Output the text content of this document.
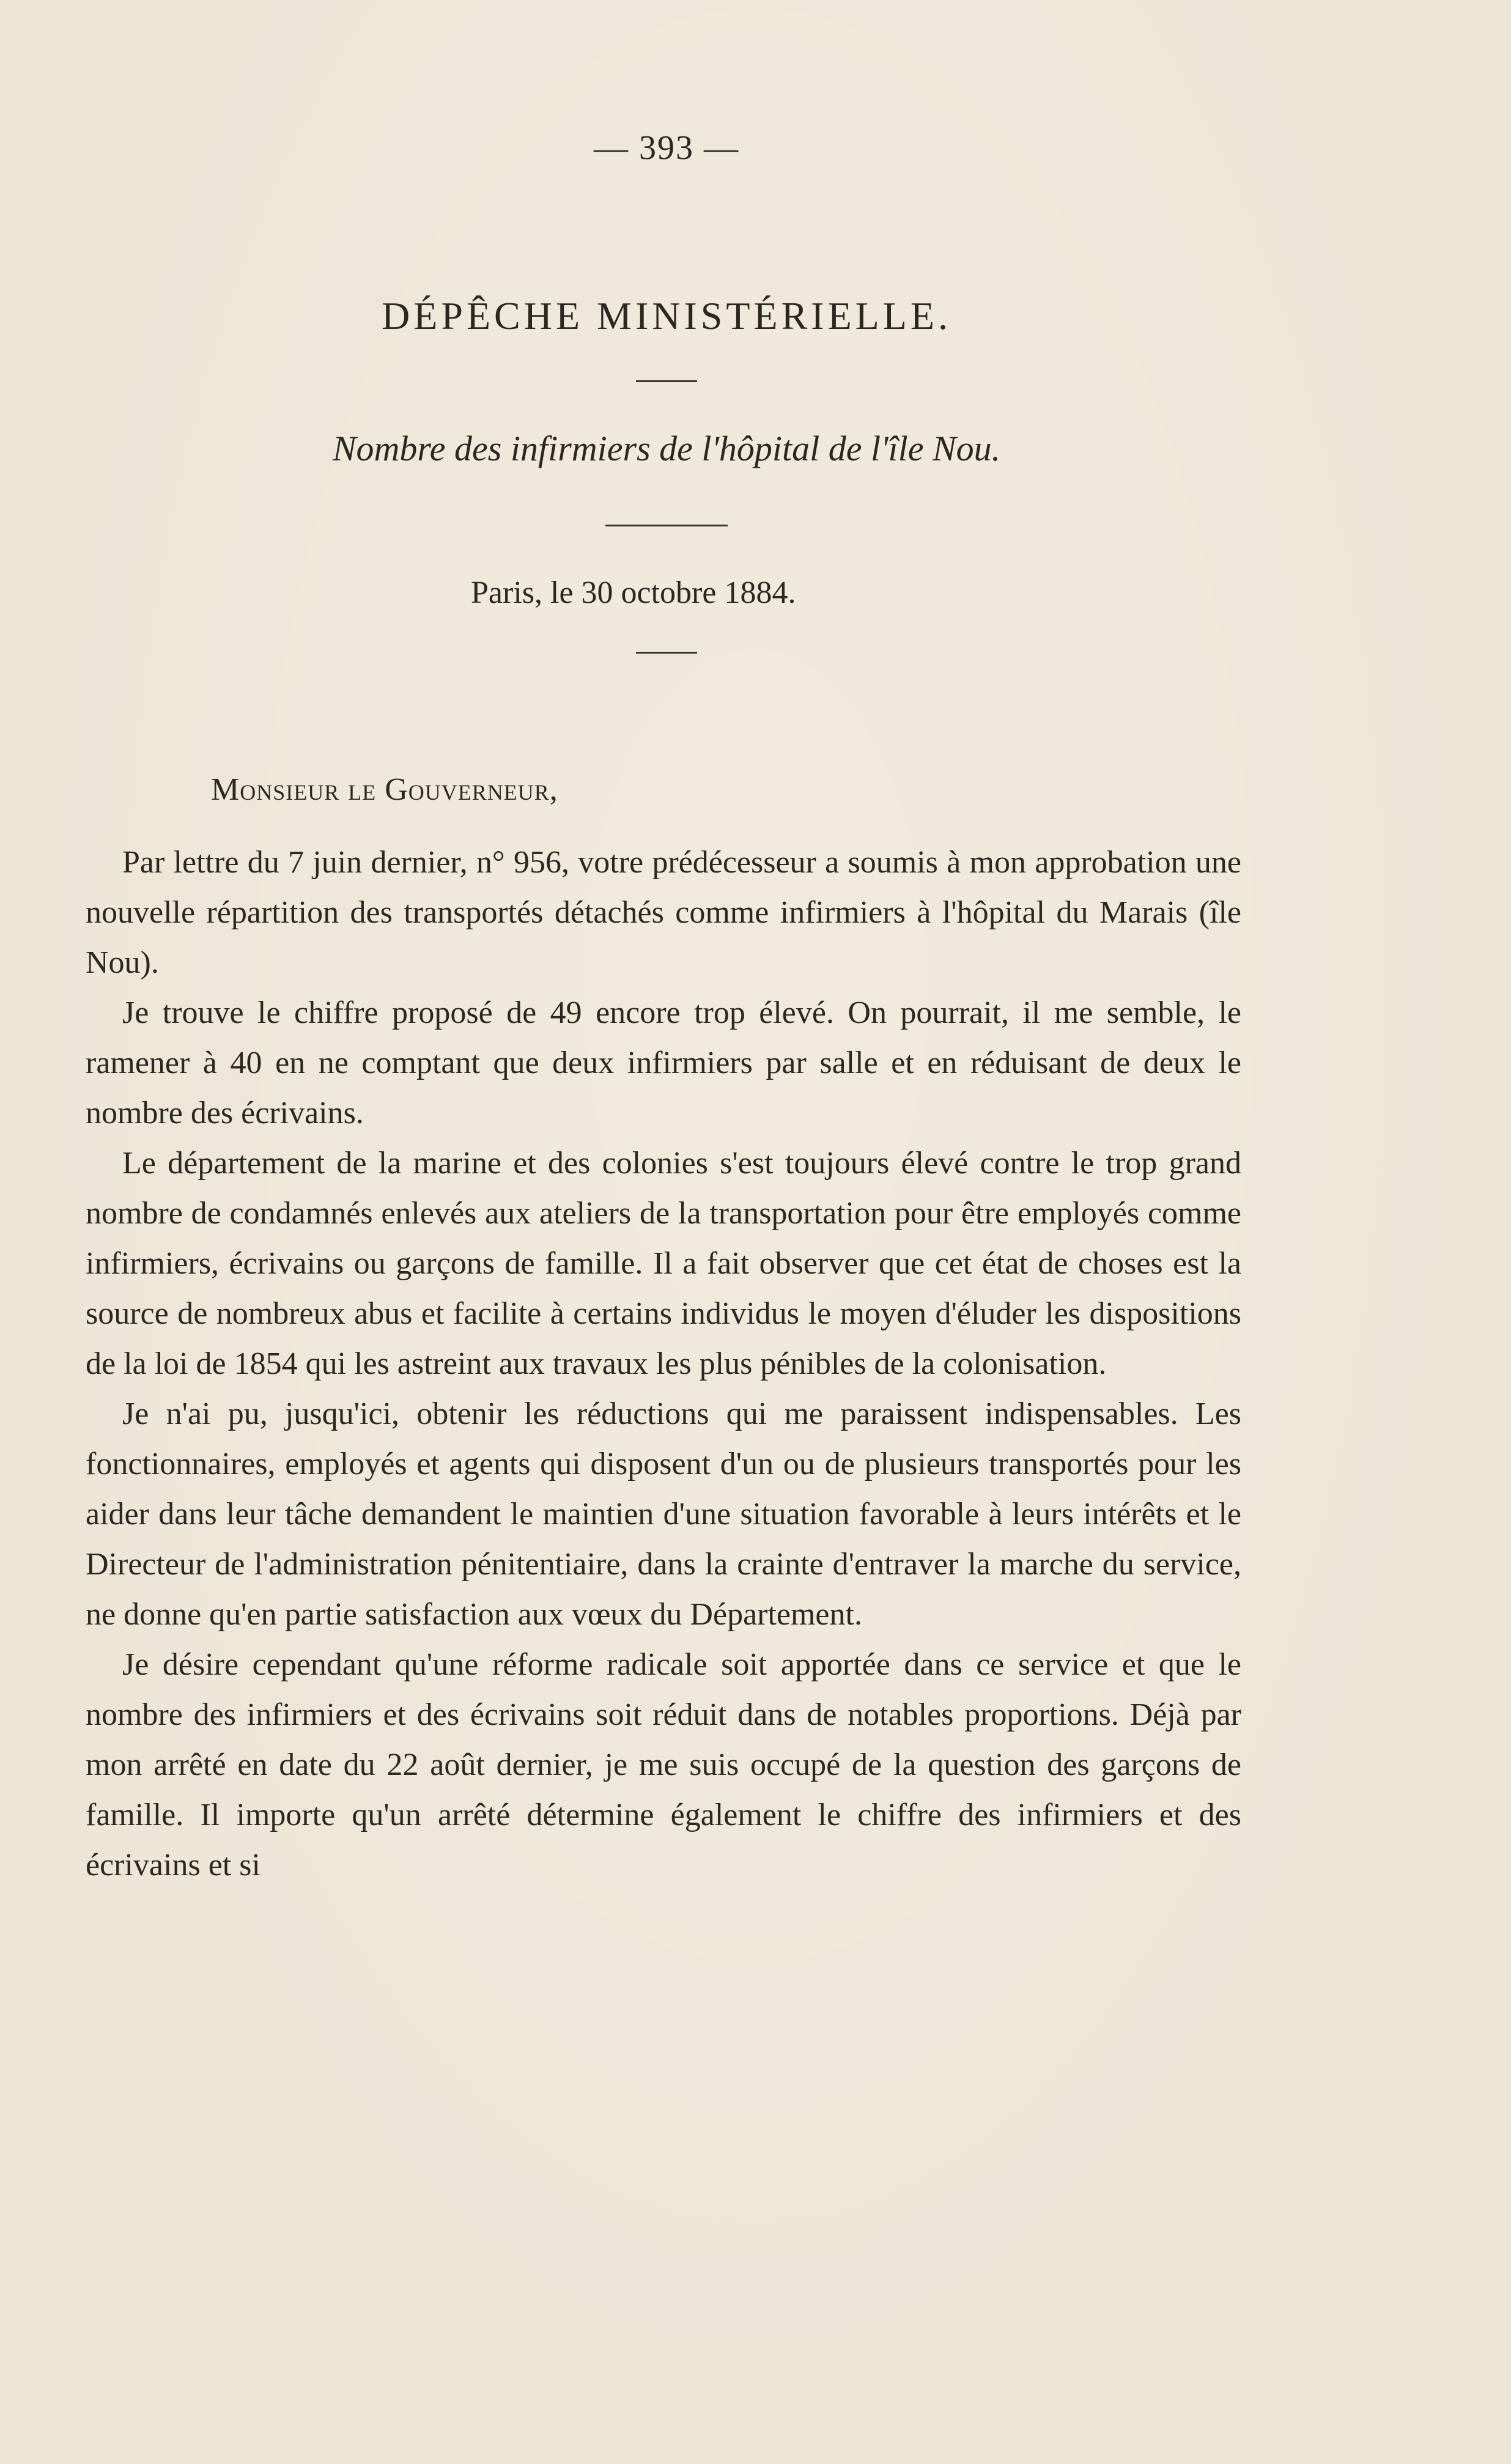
— 393 —
DÉPÊCHE MINISTÉRIELLE.
Nombre des infirmiers de l'hôpital de l'île Nou.
Paris, le 30 octobre 1884.
Monsieur le Gouverneur,

Par lettre du 7 juin dernier, n° 956, votre prédécesseur a soumis à mon approbation une nouvelle répartition des transportés détachés comme infirmiers à l'hôpital du Marais (île Nou).

Je trouve le chiffre proposé de 49 encore trop élevé. On pourrait, il me semble, le ramener à 40 en ne comptant que deux infirmiers par salle et en réduisant de deux le nombre des écrivains.

Le département de la marine et des colonies s'est toujours élevé contre le trop grand nombre de condamnés enlevés aux ateliers de la transportation pour être employés comme infirmiers, écrivains ou garçons de famille. Il a fait observer que cet état de choses est la source de nombreux abus et facilite à certains individus le moyen d'éluder les dispositions de la loi de 1854 qui les astreint aux travaux les plus pénibles de la colonisation.

Je n'ai pu, jusqu'ici, obtenir les réductions qui me paraissent indispensables. Les fonctionnaires, employés et agents qui disposent d'un ou de plusieurs transportés pour les aider dans leur tâche demandent le maintien d'une situation favorable à leurs intérêts et le Directeur de l'administration pénitentiaire, dans la crainte d'entraver la marche du service, ne donne qu'en partie satisfaction aux vœux du Département.

Je désire cependant qu'une réforme radicale soit apportée dans ce service et que le nombre des infirmiers et des écrivains soit réduit dans de notables proportions. Déjà par mon arrêté en date du 22 août dernier, je me suis occupé de la question des garçons de famille. Il importe qu'un arrêté détermine également le chiffre des infirmiers et des écrivains et si
